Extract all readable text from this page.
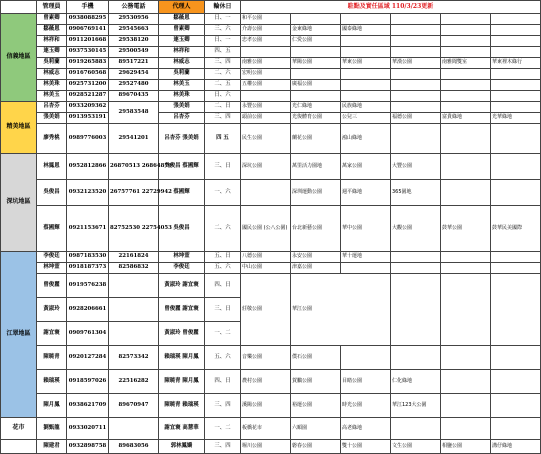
	管理員	手機	公務電話	代理人	輪休日	駐點及實任區域 110/3/23更新					
信義地區	曾素卿	0938088295	29530956	鄒薇恩	日、一	和平公園					
	鄒薇恩	0906769141	29545663	曾素卿	三、六	介壽公園	金東綠地	國泰綠地			
	林祥和	0911201668	29538120	連玉卿	日、一	忠孝公園	仁愛公園				
	連玉卿	0937530145	29500549	林祥和	四、五						
	吳莉蘭	0919265883	89517221	林威志	三、四	南雅公園	華陽公園	華東公園	華漢公園	南雅聞雙室	華東裡木綠行
	林威志	0916760568	29629454	吳莉蘭	二、六	宏明公園					
	林美珠	0925731200	29527480	林美玉	二、五	五權公園	廣福公園				
	林美玉	0928521287	89670435	林美珠	日、六						
精美地區	呂杏芬	0933209362	29583548	張美娟	二、日	永豐公園	光仁綠地	民族綠地			
	張美娟	0913953191		呂杏芬	三、四	頭前公園	光復體育公園	公兒三	福德公園	富貴綠地	光華綠地
	廖秀桃	0989776003	29541201	呂杏芬 張美娟	四 五	民生公園	蘭花公園	鴻山綠地			
深坑地區	林鳳恩	0952812866	26870513 26864879	吳俊昌 蔡國輝	三、日	深坑公園	萬里活力園地	萬家公園	大豐公園		
	吳俊昌	0932123520	26757761 22729942	蔡國輝	一、六		深圳運動公園	週平綠地	365園地		
	蔡國輝	0921153671	82752530 22754053	吳俊昌	二、六	國民公園 (公八公園)	台北新藝公園	華中公園	大觀公園	鼓華公園	鼓華民美國際
江翠地區	李俊廷	0987183530	22161824	林坤萱	五、日	八德公園	永安公園	華十運地			
	林坤萱	0918187373	82586832	李俊廷	五、六	中山公園	津嘉公園				
	曾俊麗	0919576238		黃淑玲 謝宜寰	四、日	莊敬公園	華江公園				
	黃淑玲	0928206661		曾俊麗 謝宜寰	三、日						
	謝宜寰	0909761304		黃淑玲 曾俊麗	一、二						
	陳暁青	0920127284	82573342	賴瑞瑛 陳月鳳	五、六	音樂公園	僕石公園				
	賴瑞瑛	0918597026	22516282	陳暁青 陳月鳳	四、日	農村公園	賀鵬公園	目睹公園	仁化綠地		
	陳月鳳	0938621709	89670947	陳暁青 賴瑞瑛	三、四	溪陽公園	裕運公園	時光公園	華江123大公園		
花市	劉甄龍	0933020711		謝宜寰 高慧華	一、二	板橋花市	六順園	高老綠地			
	陳建君	0932898758	89683056	郭林鳳嬌	三、四	堰川公園	磐春公園	雙十公園	文生公園	相鹽公園	溝仔綠地
